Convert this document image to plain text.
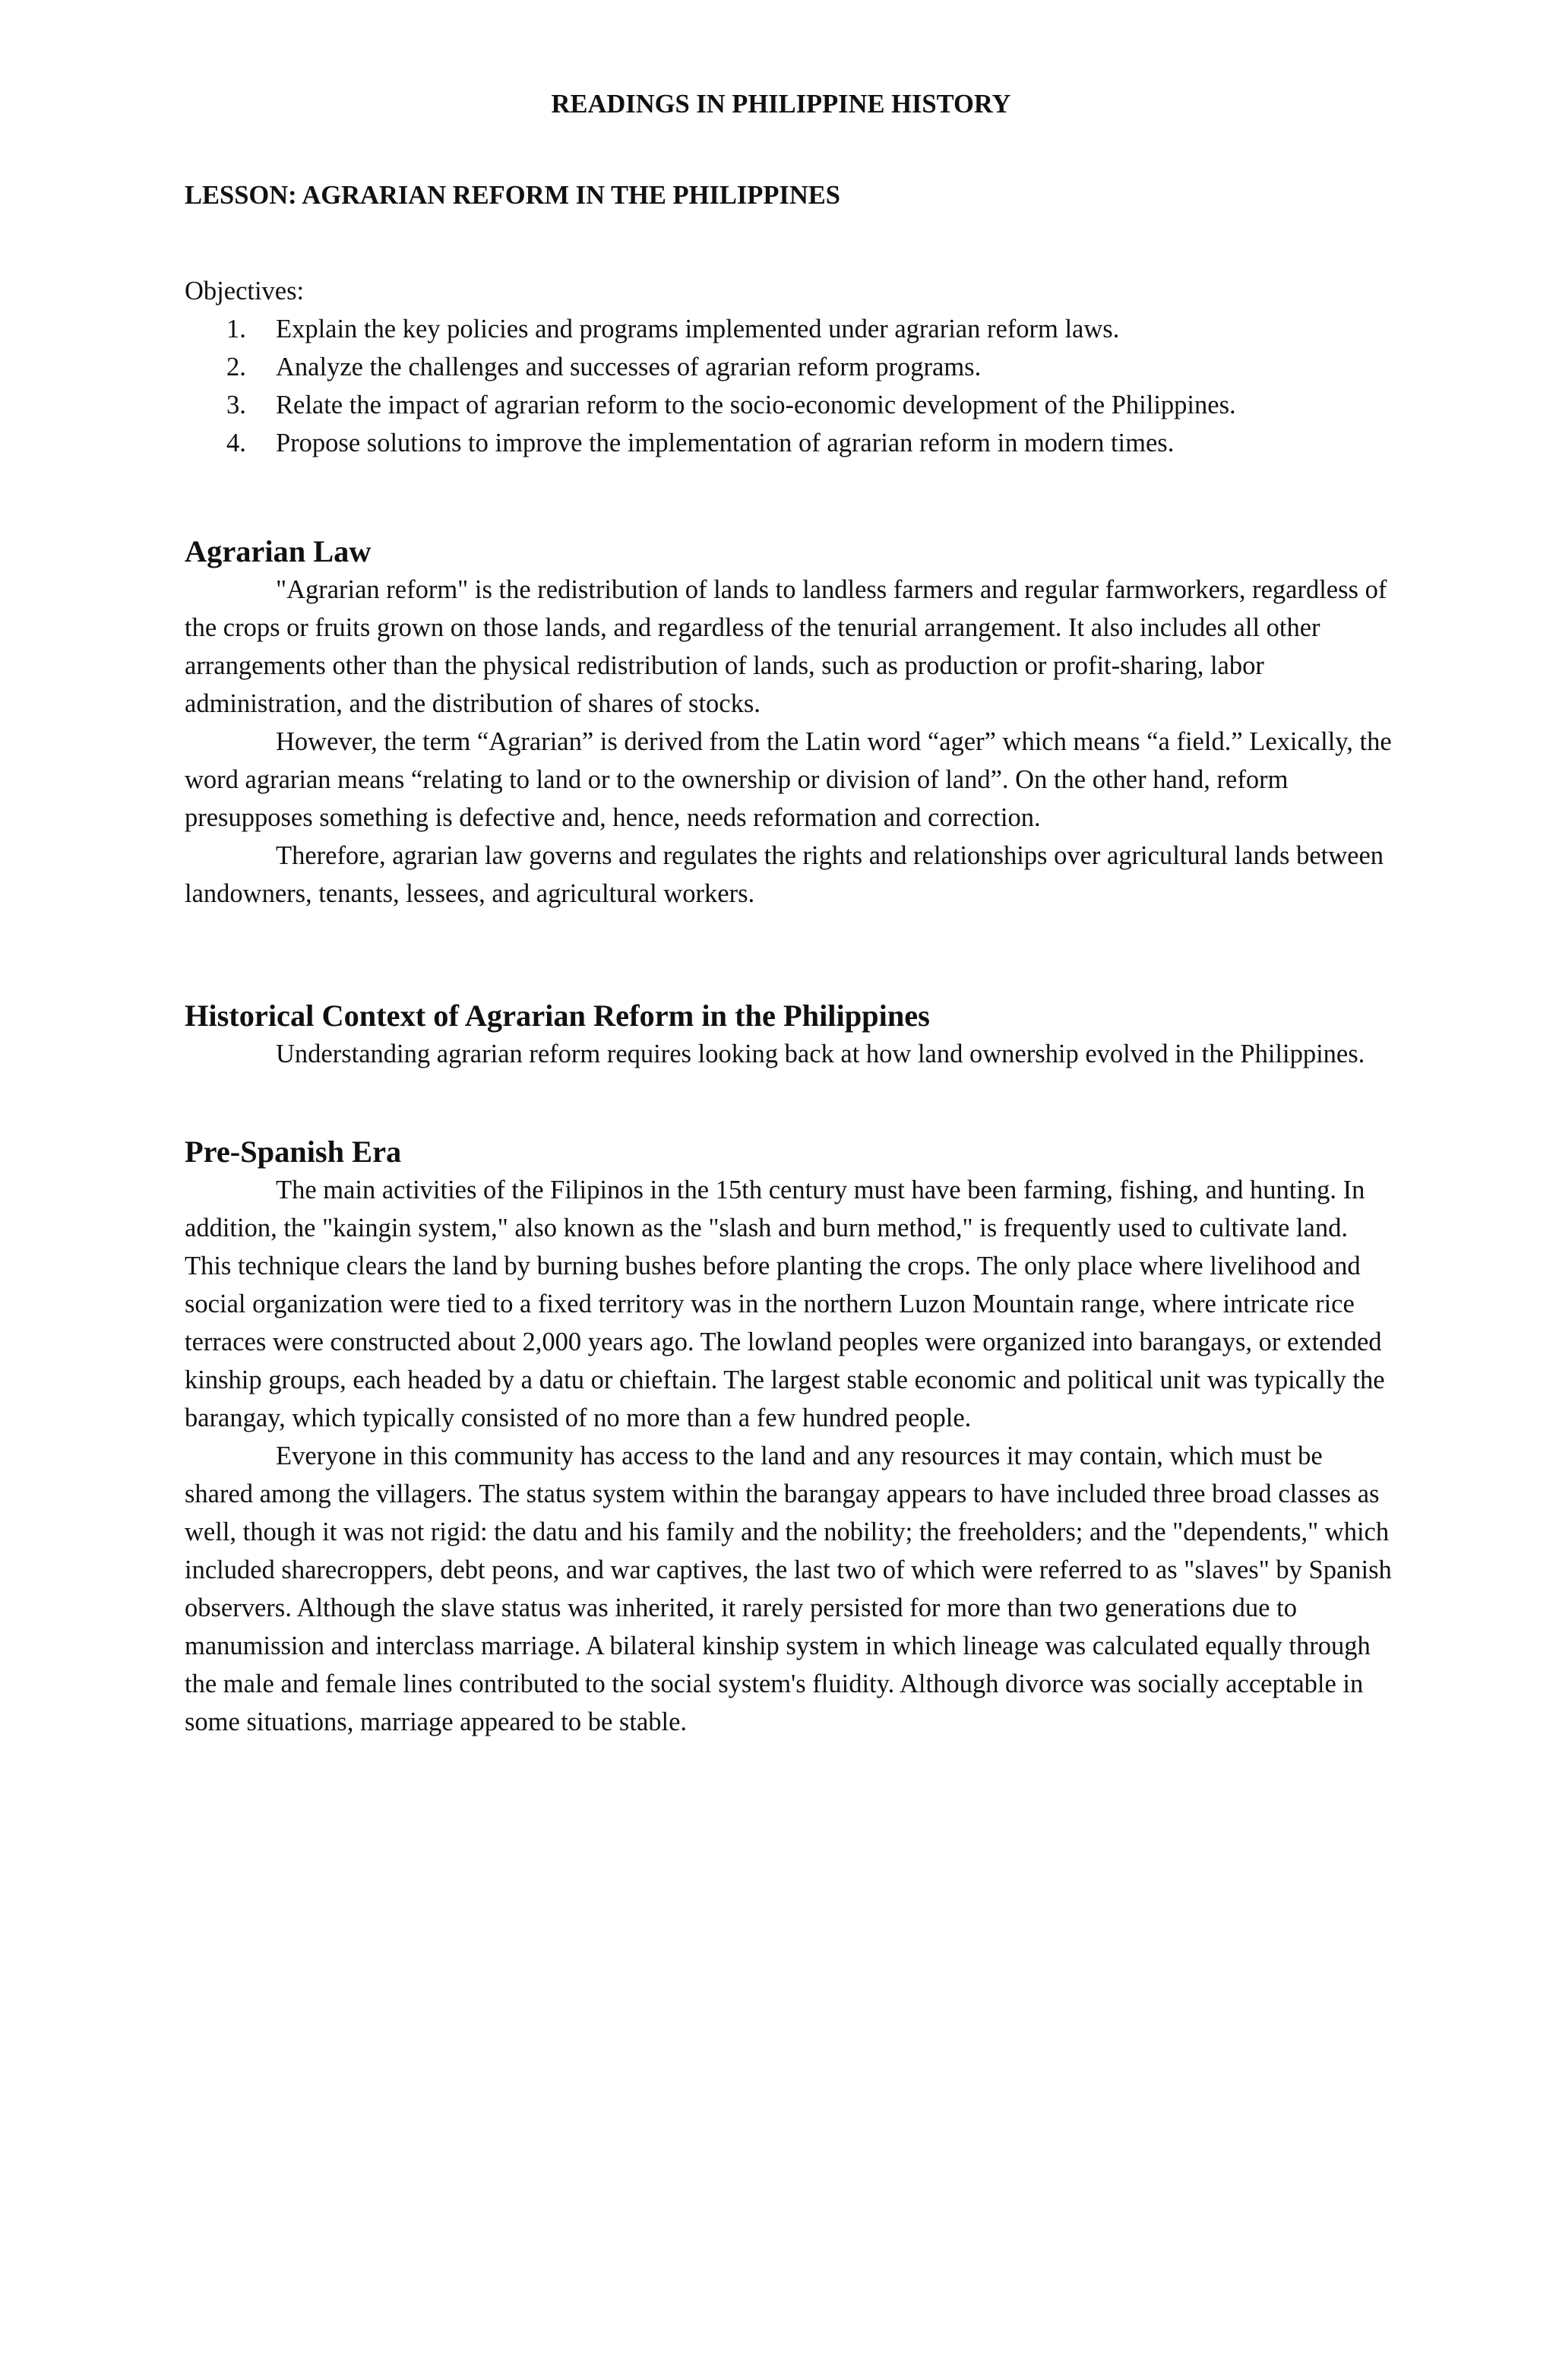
READINGS IN PHILIPPINE HISTORY
LESSON: AGRARIAN REFORM IN THE PHILIPPINES
Objectives:
1. Explain the key policies and programs implemented under agrarian reform laws.
2. Analyze the challenges and successes of agrarian reform programs.
3. Relate the impact of agrarian reform to the socio-economic development of the Philippines.
4. Propose solutions to improve the implementation of agrarian reform in modern times.
Agrarian Law

"Agrarian reform" is the redistribution of lands to landless farmers and regular farmworkers, regardless of the crops or fruits grown on those lands, and regardless of the tenurial arrangement. It also includes all other arrangements other than the physical redistribution of lands, such as production or profit-sharing, labor administration, and the distribution of shares of stocks.

However, the term “Agrarian” is derived from the Latin word “ager” which means “a field.” Lexically, the word agrarian means “relating to land or to the ownership or division of land”. On the other hand, reform presupposes something is defective and, hence, needs reformation and correction.

Therefore, agrarian law governs and regulates the rights and relationships over agricultural lands between landowners, tenants, lessees, and agricultural workers.

Historical Context of Agrarian Reform in the Philippines

Understanding agrarian reform requires looking back at how land ownership evolved in the Philippines.

Pre-Spanish Era

The main activities of the Filipinos in the 15th century must have been farming, fishing, and hunting. In addition, the "kaingin system," also known as the "slash and burn method," is frequently used to cultivate land. This technique clears the land by burning bushes before planting the crops. The only place where livelihood and social organization were tied to a fixed territory was in the northern Luzon Mountain range, where intricate rice terraces were constructed about 2,000 years ago. The lowland peoples were organized into barangays, or extended kinship groups, each headed by a datu or chieftain. The largest stable economic and political unit was typically the barangay, which typically consisted of no more than a few hundred people.

Everyone in this community has access to the land and any resources it may contain, which must be shared among the villagers. The status system within the barangay appears to have included three broad classes as well, though it was not rigid: the datu and his family and the nobility; the freeholders; and the "dependents," which included sharecroppers, debt peons, and war captives, the last two of which were referred to as "slaves" by Spanish observers. Although the slave status was inherited, it rarely persisted for more than two generations due to manumission and interclass marriage. A bilateral kinship system in which lineage was calculated equally through the male and female lines contributed to the social system's fluidity. Although divorce was socially acceptable in some situations, marriage appeared to be stable.
